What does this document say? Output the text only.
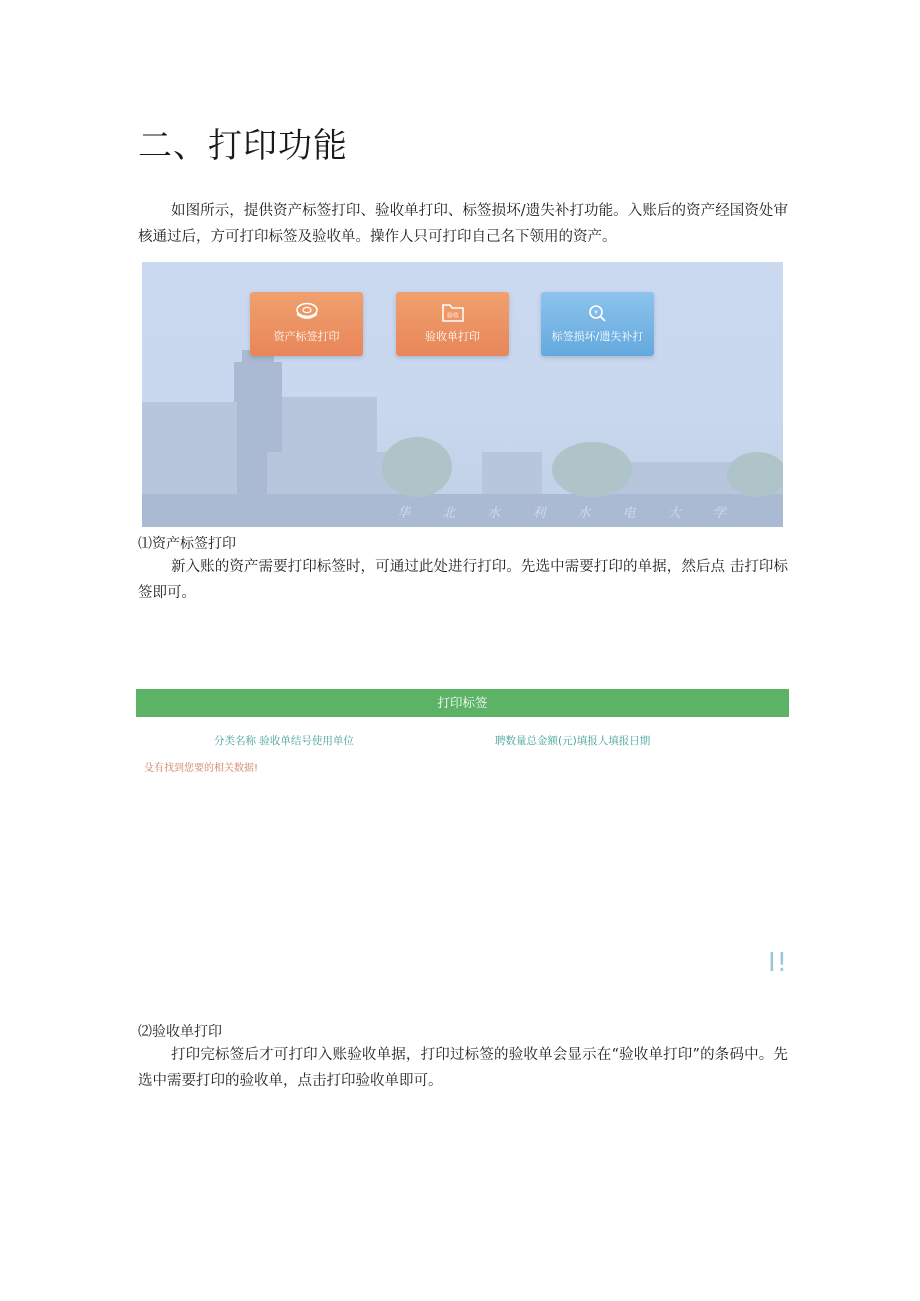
二、打印功能

如图所示，提供资产标签打印、验收单打印、标签损坏/遗失补打功能。入账后的资产经国资处审核通过后，方可打印标签及验收单。操作人只可打印自己名下领用的资产。

资产标签打印
验收
验收单打印
¥
标签损坏/遗失补打
华 北 水 利 水 电 大 学

⑴资产标签打印

新入账的资产需要打印标签时，可通过此处进行打印。先选中需要打印的单据，然后点 击打印标签即可。

打印标签
分类名称 验收单结号使用单位	聘数量总金额(元)填报人填报日期
殳有找到您要的相关数据!
I!

⑵验收单打印

打印完标签后才可打印入账验收单据，打印过标签的验收单会显示在“验收单打印”的条码中。先选中需要打印的验收单，点击打印验收单即可。
